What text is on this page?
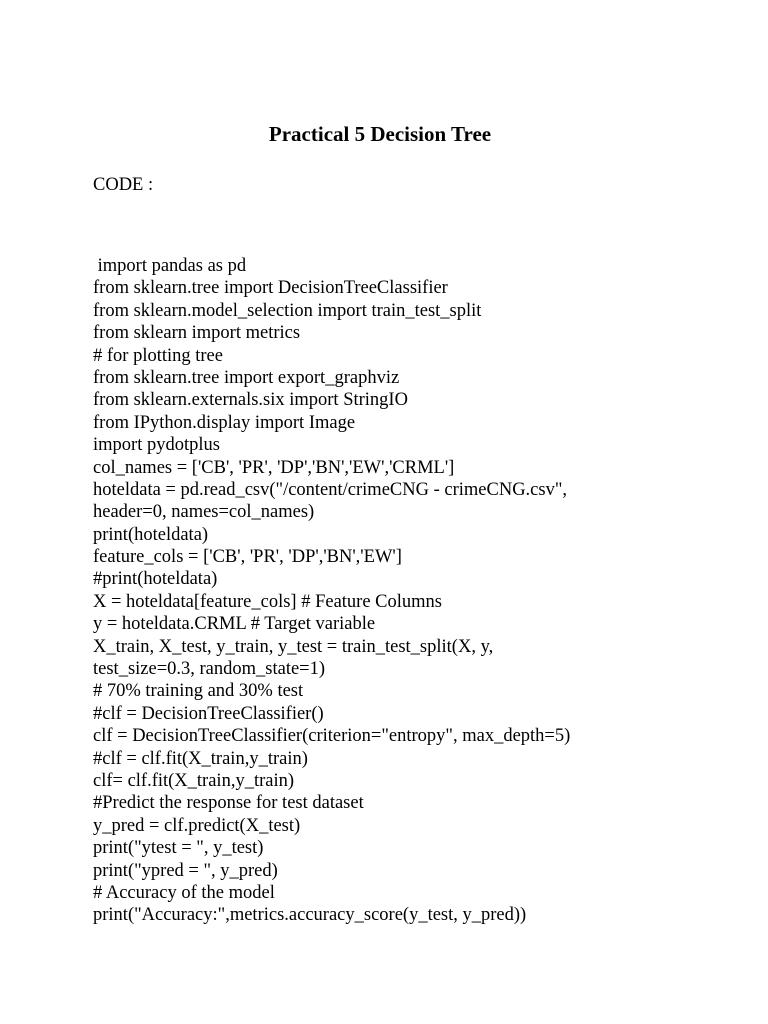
Practical 5 Decision Tree
CODE :
import pandas as pd
from sklearn.tree import DecisionTreeClassifier
from sklearn.model_selection import train_test_split
from sklearn import metrics
# for plotting tree
from sklearn.tree import export_graphviz
from sklearn.externals.six import StringIO
from IPython.display import Image
import pydotplus
col_names = ['CB', 'PR', 'DP','BN','EW','CRML']
hoteldata = pd.read_csv("/content/crimeCNG - crimeCNG.csv",
header=0, names=col_names)
print(hoteldata)
feature_cols = ['CB', 'PR', 'DP','BN','EW']
#print(hoteldata)
X = hoteldata[feature_cols] # Feature Columns
y = hoteldata.CRML # Target variable
X_train, X_test, y_train, y_test = train_test_split(X, y,
test_size=0.3, random_state=1)
# 70% training and 30% test
#clf = DecisionTreeClassifier()
clf = DecisionTreeClassifier(criterion="entropy", max_depth=5)
#clf = clf.fit(X_train,y_train)
clf= clf.fit(X_train,y_train)
#Predict the response for test dataset
y_pred = clf.predict(X_test)
print("ytest = ", y_test)
print("ypred = ", y_pred)
# Accuracy of the model
print("Accuracy:",metrics.accuracy_score(y_test, y_pred))
